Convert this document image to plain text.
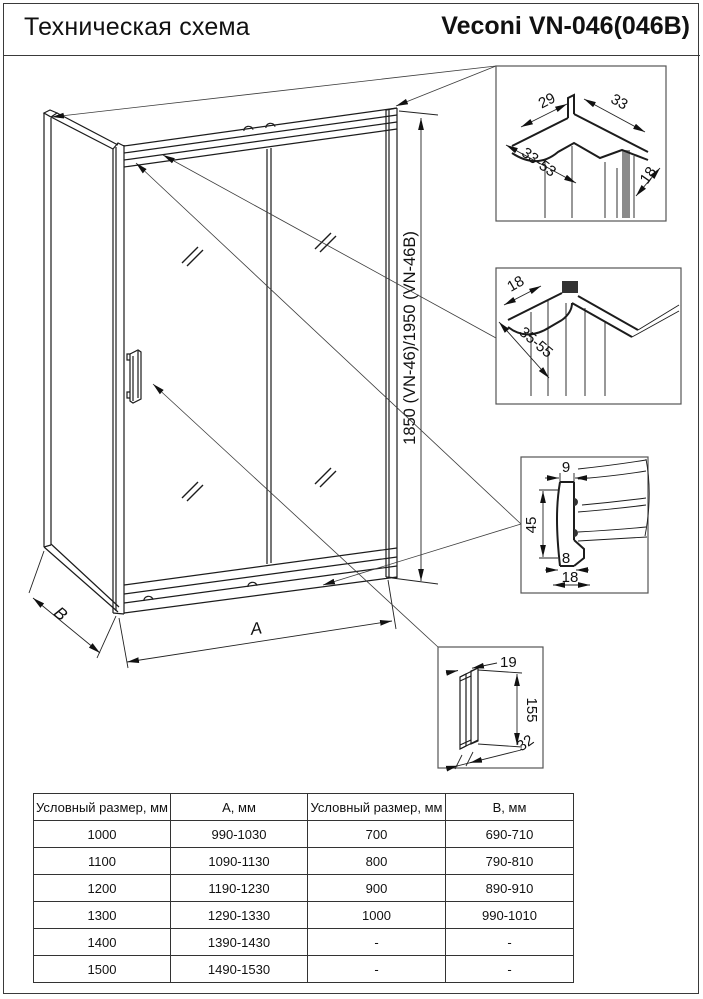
Техническая схема	Veconi VN-046(046В)
1850 (VN-46)/1950 (VN-46В)
A
B
29	33
33-53	18
18
35-55
9
45
8
18
19
155
32
Условный размер, мм	А, мм	Условный размер, мм	В, мм
1000	990-1030	700	690-710
1100	1090-1130	800	790-810
1200	1190-1230	900	890-910
1300	1290-1330	1000	990-1010
1400	1390-1430	-	-
1500	1490-1530	-	-
